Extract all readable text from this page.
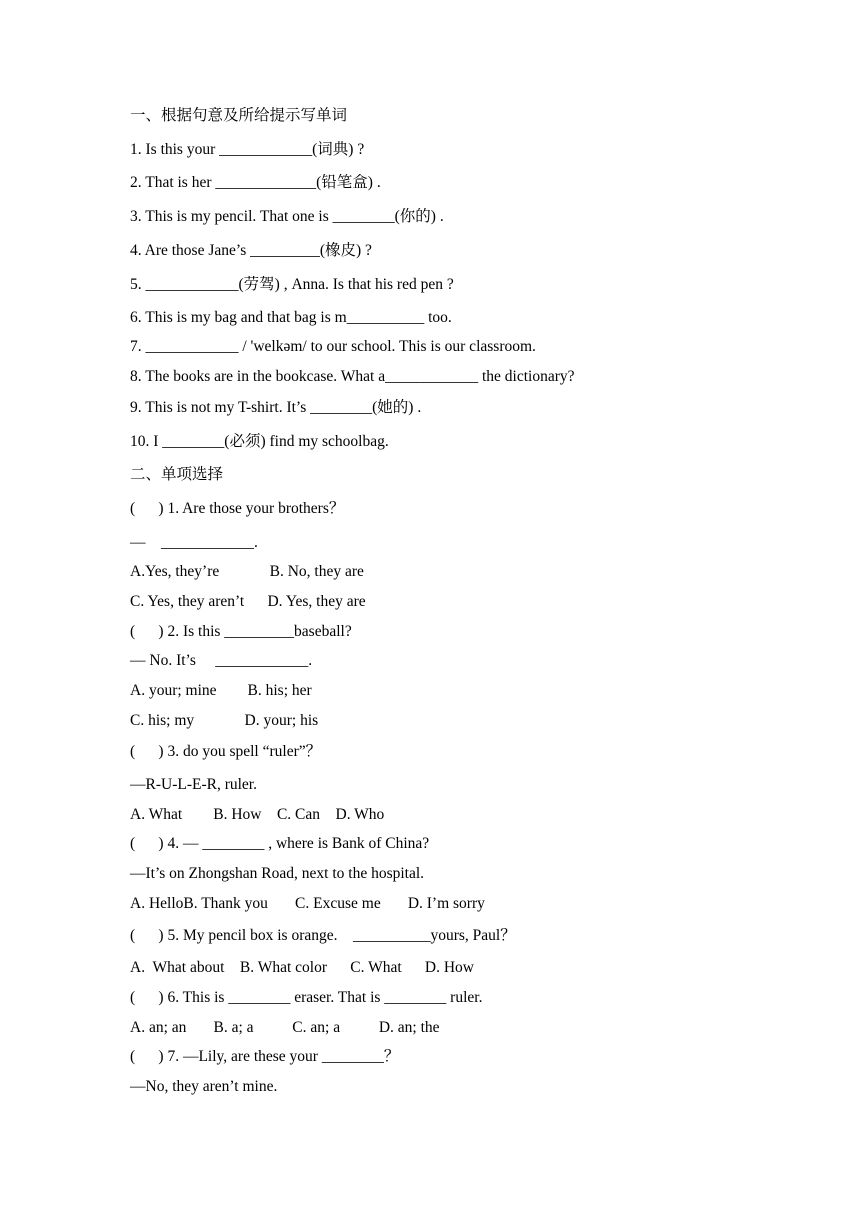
一、根据句意及所给提示写单词
1. Is this your ____________(词典) ?
2. That is her _____________(铅笔盒) .
3. This is my pencil. That one is ________(你的) .
4. Are those Jane’s _________(橡皮) ?
5. ____________(劳驾) , Anna. Is that his red pen ?
6. This is my bag and that bag is m__________ too.
7. ____________ / 'welkəm/ to our school. This is our classroom.
8. The books are in the bookcase. What a____________ the dictionary?
9. This is not my T-shirt. It’s ________(她的) .
10. I ________(必须) find my schoolbag.
二、单项选择
(      ) 1. Are those your brothers？
—    ____________.
A.Yes, they’re             B. No, they are
C. Yes, they aren’t      D. Yes, they are
(      ) 2. Is this _________baseball?
— No. It’s     ____________.
A. your; mine        B. his; her
C. his; my             D. your; his
(      ) 3. do you spell “ruler”？
—R-U-L-E-R, ruler.
A. What        B. How    C. Can    D. Who
(      ) 4. — ________ , where is Bank of China?
—It’s on Zhongshan Road, next to the hospital.
A. HelloB. Thank you       C. Excuse me       D. I’m sorry
(      ) 5. My pencil box is orange.    __________yours, Paul？
A.  What about    B. What color      C. What      D. How
(      ) 6. This is ________ eraser. That is ________ ruler.
A. an; an       B. a; a          C. an; a          D. an; the
(      ) 7. —Lily, are these your ________？
—No, they aren’t mine.
